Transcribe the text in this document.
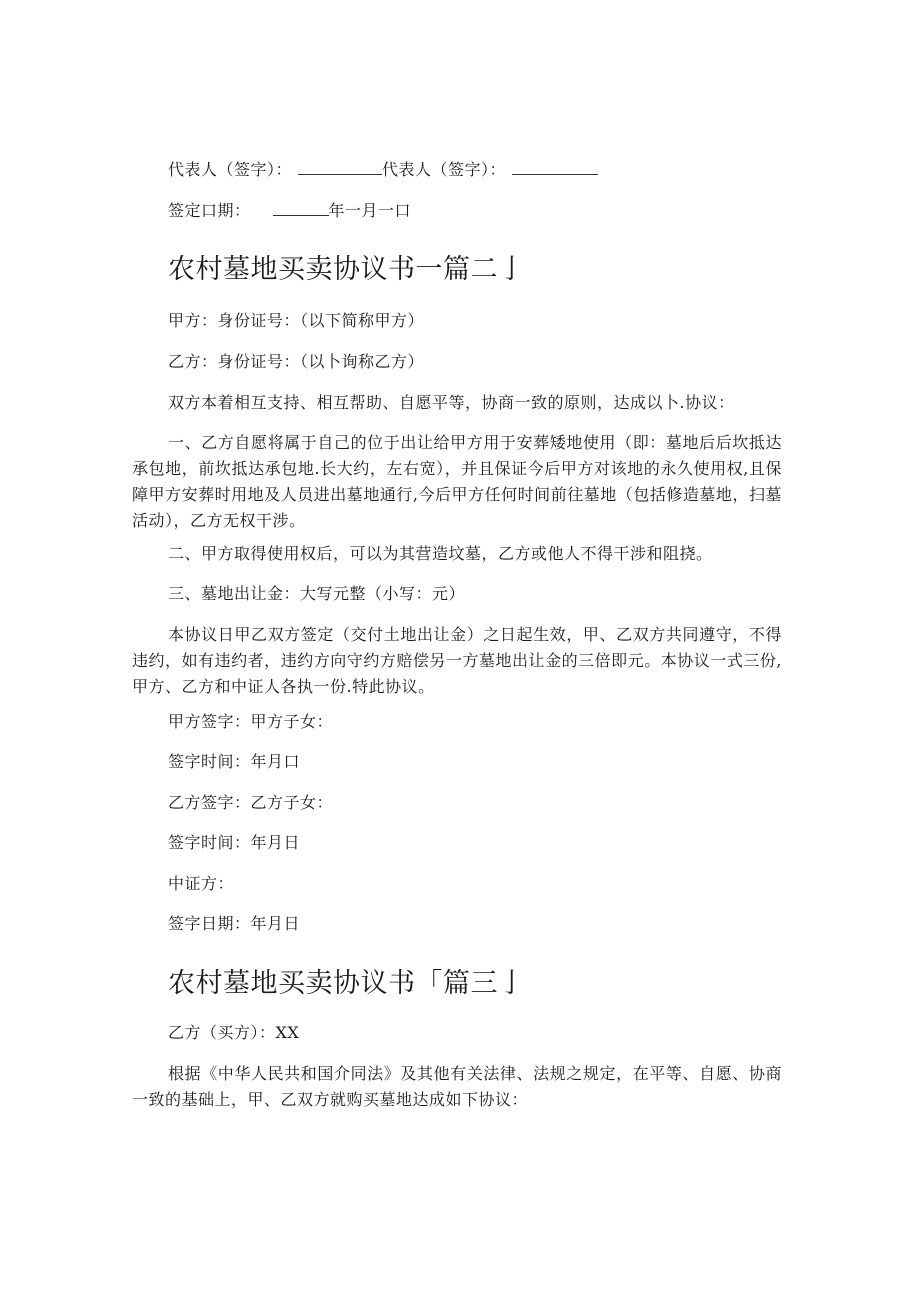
代表人（签字）：	代表人（签字）：
签定口期：	年一月一口
农村墓地买卖协议书一篇二亅
甲方：身份证号：（以下简称甲方）
乙方：身份证号：（以卜询称乙方）
双方本着相互支持、相互帮助、自愿平等，协商一致的原则，达成以卜.协议：
一、乙方自愿将属于自己的位于出让给甲方用于安葬矮地使用（即：墓地后后坎抵达承包地，前坎抵达承包地.长大约，左右宽），并且保证今后甲方对该地的永久使用权,且保障甲方安葬时用地及人员进出墓地通行,今后甲方任何时间前往墓地（包括修造墓地，扫墓活动），乙方无权干涉。
二、甲方取得使用权后，可以为其营造坟墓，乙方或他人不得干涉和阻挠。
三、墓地出让金：大写元整（小写：元）
本协议日甲乙双方签定（交付土地出让金）之日起生效，甲、乙双方共同遵守，不得违约，如有违约者，违约方向守约方赔偿另一方墓地出让金的三倍即元。本协议一式三份,甲方、乙方和中证人各执一份.特此协议。
甲方签字：甲方子女：
签字时间：年月口
乙方签字：乙方子女：
签字时间：年月日
中证方：
签字日期：年月日
农村墓地买卖协议书「篇三亅
乙方（买方）：XX
根据《中华人民共和国介同法》及其他有关法律、法规之规定，在平等、自愿、协商一致的基础上，甲、乙双方就购买墓地达成如下协议：
